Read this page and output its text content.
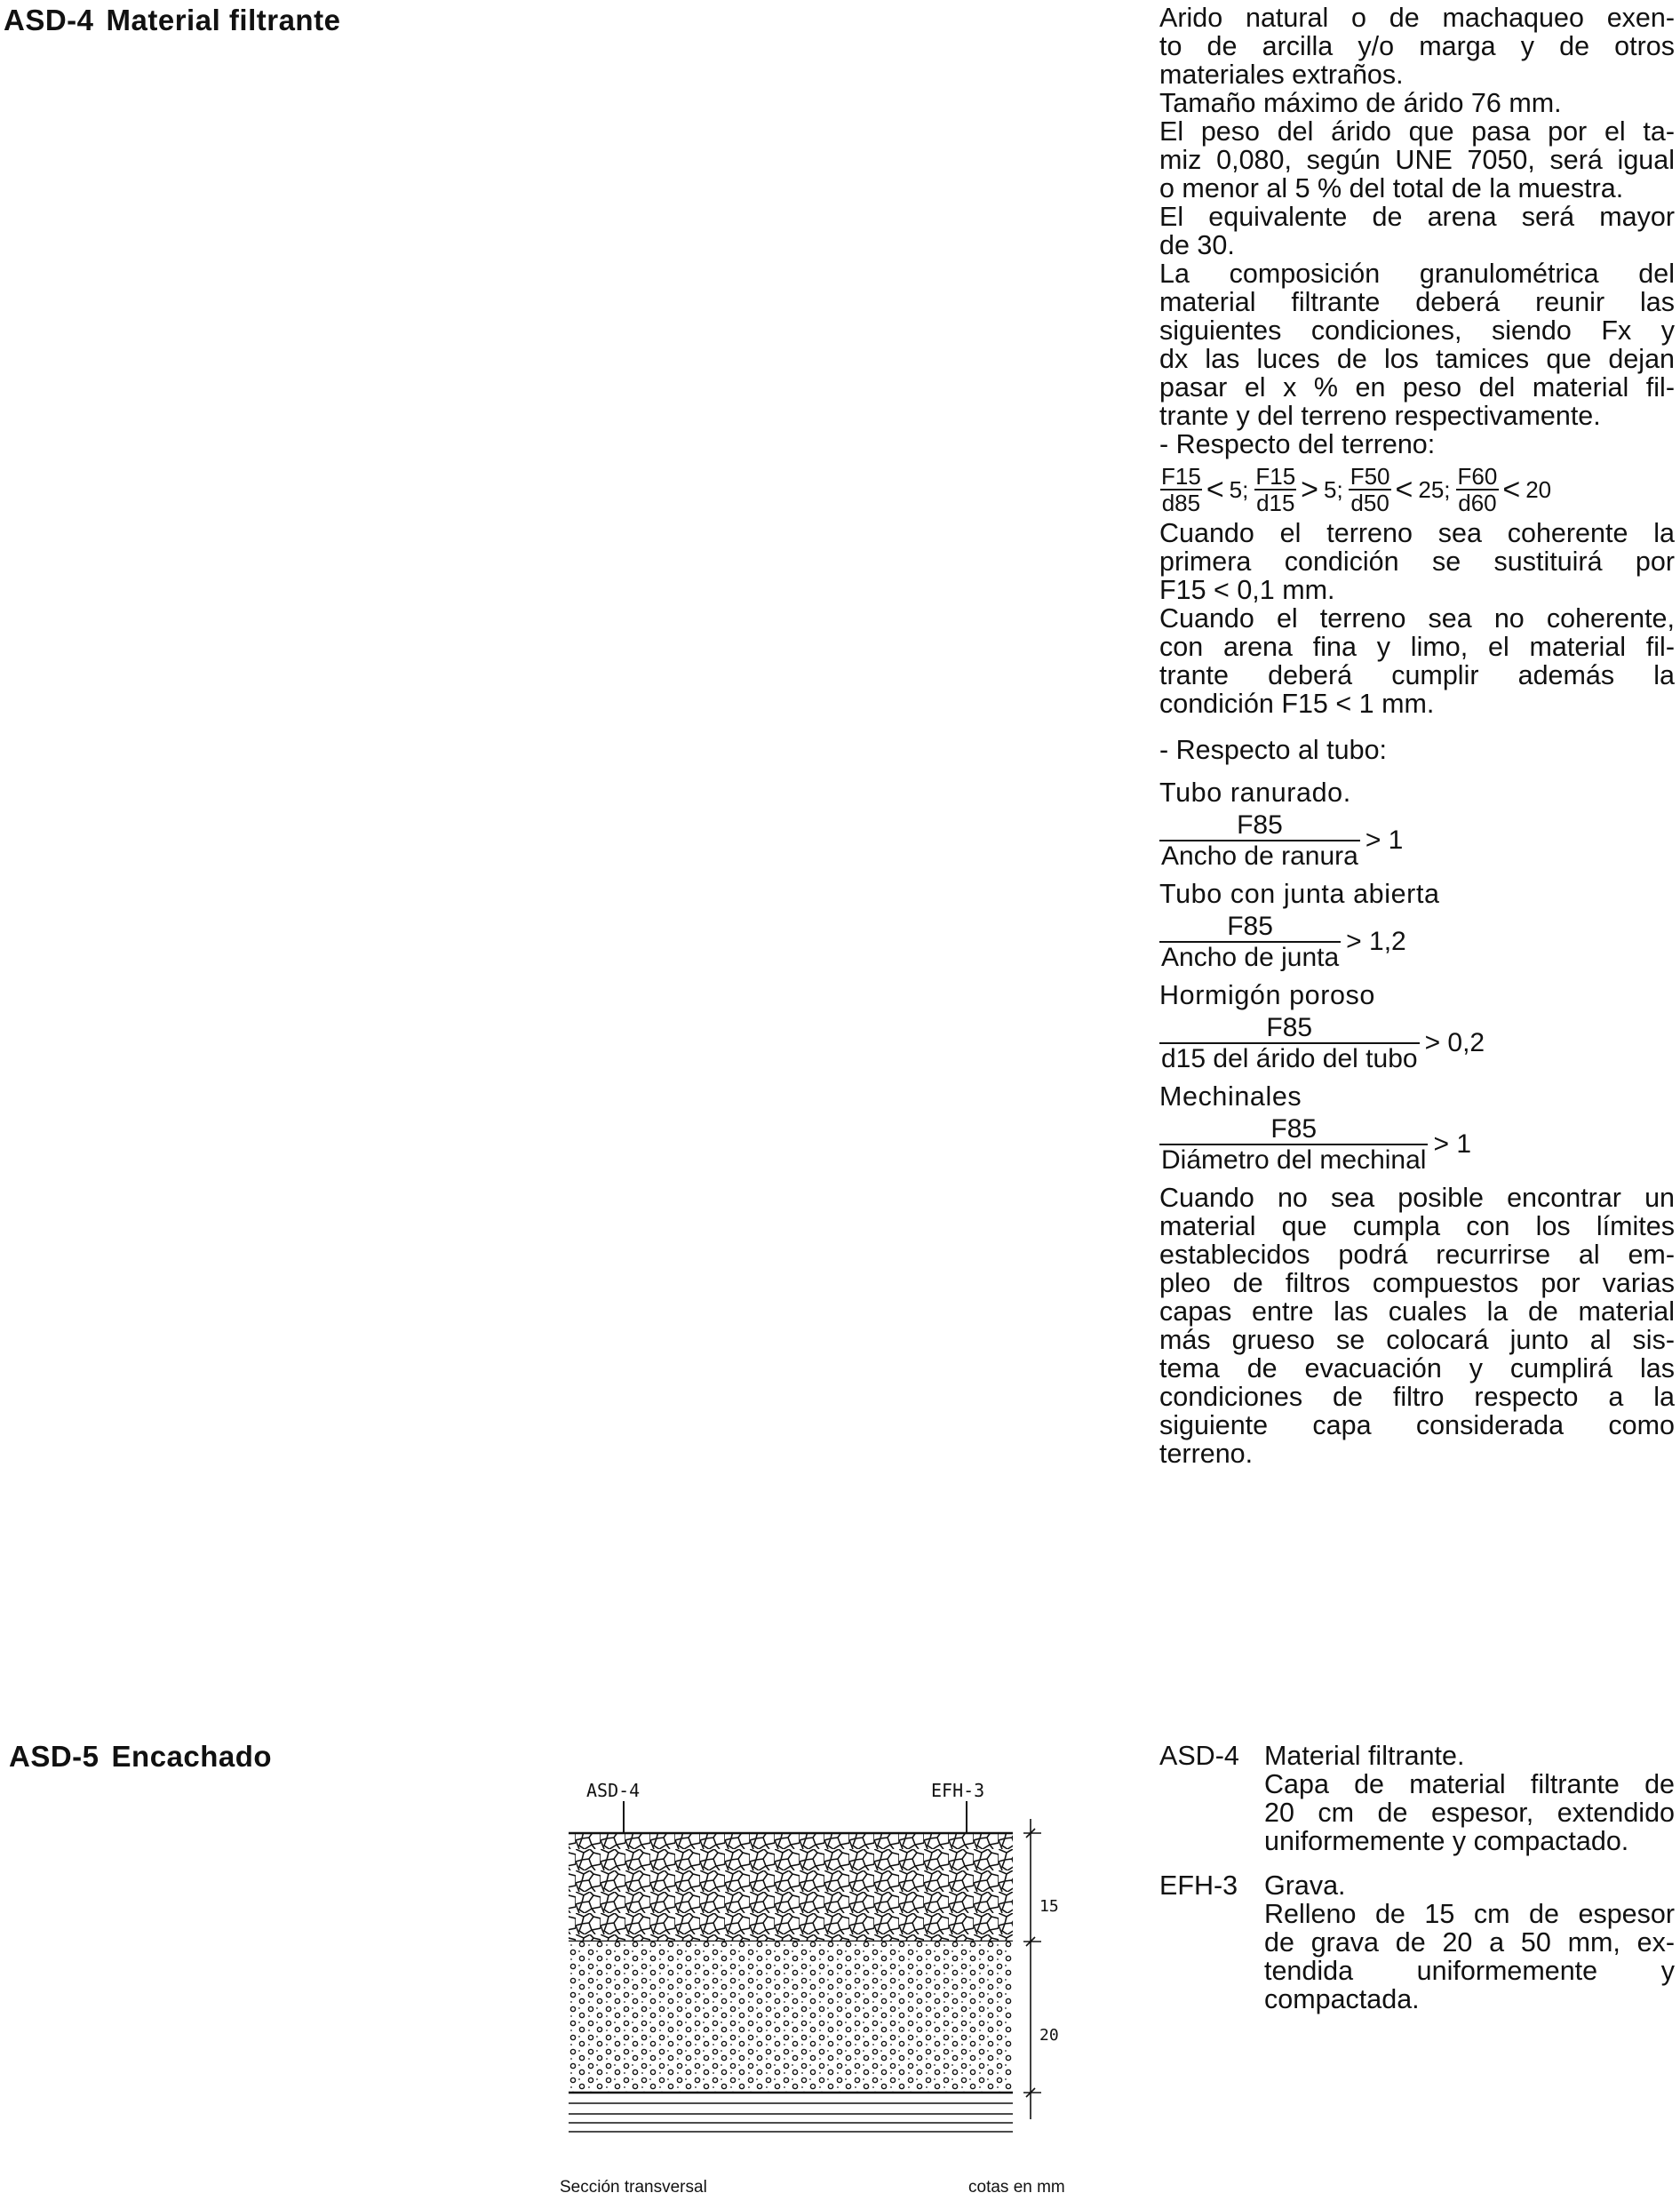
ASD-4 Material filtrante	Arido natural o de machaqueo exen-

to de arcilla y/o marga y de otros

materiales extraños.

Tamaño máximo de árido 76 mm.

El peso del árido que pasa por el ta-

miz 0,080, según UNE 7050, será igual

o menor al 5 % del total de la muestra.

El equivalente de arena será mayor

de 30.

La composición granulométrica del

material filtrante deberá reunir las

siguientes condiciones, siendo Fx y

dx las luces de los tamices que dejan

pasar el x % en peso del material fil-

trante y del terreno respectivamente.

- Respecto del terreno:

$\frac{F15}{d85} < 5$; $\frac{F15}{d15} > 5$; $\frac{F50}{d50} < 25$; $\frac{F60}{d60} < 20$

Cuando el terreno sea coherente la

primera condición se sustituirá por

F15 < 0,1 mm.

Cuando el terreno sea no coherente,

con arena fina y limo, el material fil-

trante deberá cumplir además la

condición F15 < 1 mm.

- Respecto al tubo:

Tubo ranurado.

$\frac{F85}{\text{Ancho de ranura}} > 1$

Tubo con junta abierta

$\frac{F85}{\text{Ancho de junta}} > 1,2$

Hormigón poroso

$\frac{F85}{\text{d15 del árido del tubo}} > 0,2$

Mechinales

$\frac{F85}{\text{Diámetro del mechinal}} > 1$

Cuando no sea posible encontrar un

material que cumpla con los límites

establecidos podrá recurrirse al em-

pleo de filtros compuestos por varias

capas entre las cuales la de material

más grueso se colocará junto al sis-

tema de evacuación y cumplirá las

condiciones de filtro respecto a la

siguiente capa considerada como

terreno.

ASD-5 Encachado
ASD-4	EFH-3
15
20
Sección transversal	cotas en mm
ASD-4 Material filtrante.

Capa de material filtrante de

20 cm de espesor, extendido

uniformemente y compactado.

EFH-3 Grava.

Relleno de 15 cm de espesor

de grava de 20 a 50 mm, ex-

tendida uniformemente y

compactada.
